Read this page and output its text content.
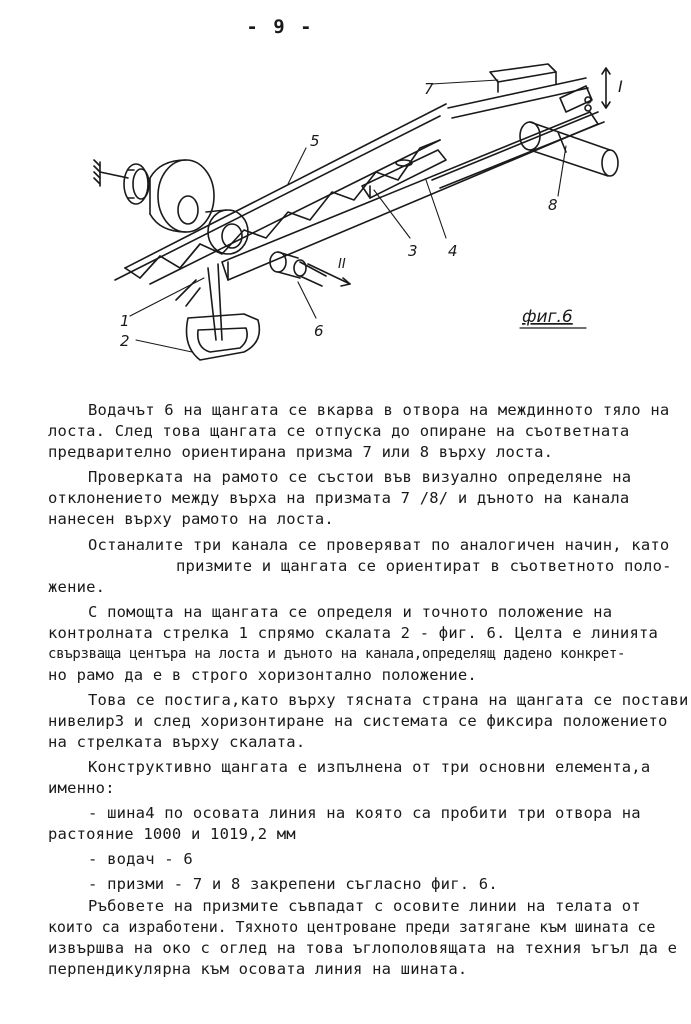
- 9 -
7
5
I
8
3 4
II
1
2
6
фиг.6
Водачът 6 на щангата се вкарва в отвора на междинното тяло на
лоста. След това щангата се отпуска до опиране на съответната
предварително ориентирана призма 7 или 8 върху лоста.
Проверката на рамото се състои във визуално определяне на
отклонението между върха на призмата 7 /8/ и дъното на канала
нанесен върху рамото на лоста.
Останалите три канала се проверяват по аналогичен начин, като
призмите и щангата се ориентират в съответното поло-
жение.
С помощта на щангата се определя и точното положение на
контролната стрелка 1 спрямо скалата 2 - фиг. 6. Целта е линията
свързваща центъра на лоста и дъното на канала,определящ дадено конкрет-
но рамо да е в строго хоризонтално положение.
Това се постига,като върху тясната страна на щангата се постави
нивелир3 и след хоризонтиране на системата се фиксира положението
на стрелката върху скалата.
Конструктивно щангата е изпълнена от три основни елемента,а
именно:
- шина4 по осовата линия на която са пробити три отвора на
растояние 1000 и 1019,2 мм
- водач - 6
- призми - 7 и 8 закрепени съгласно фиг. 6.
Ръбовете на призмите съвпадат с осовите линии на телата от
които са изработени. Тяхното центроване преди затягане към шината се
извършва на око с оглед на това ъглополовящата на техния ъгъл да е
перпендикулярна към осовата линия на шината.
